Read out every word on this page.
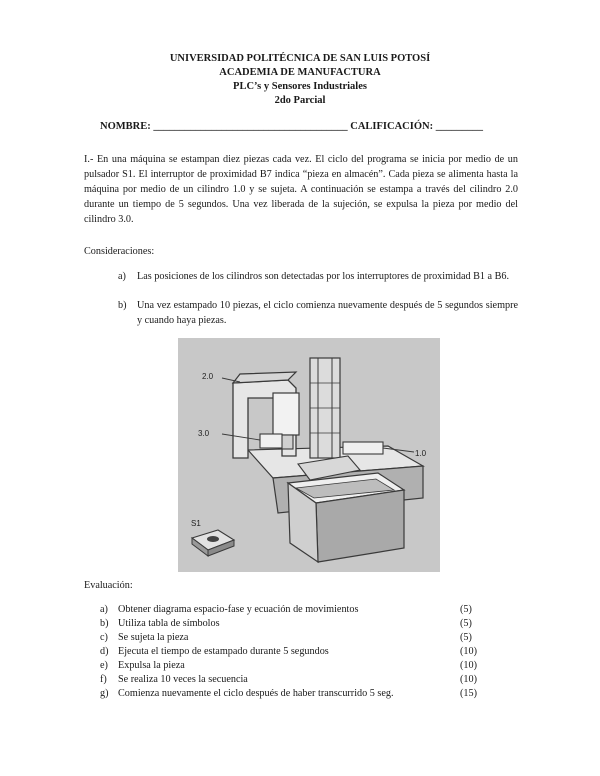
UNIVERSIDAD POLITÉCNICA DE SAN LUIS POTOSÍ
ACADEMIA DE MANUFACTURA
PLC’s y Sensores Industriales
2do Parcial
NOMBRE: _____________________________________ CALIFICACIÓN: _________
I.- En una máquina se estampan diez piezas cada vez. El ciclo del programa se inicia por medio de un pulsador S1. El interruptor de proximidad B7 indica “pieza en almacén”. Cada pieza se alimenta hasta la máquina por medio de un cilindro 1.0 y se sujeta. A continuación se estampa a través del cilindro 2.0 durante un tiempo de 5 segundos. Una vez liberada de la sujeción, se expulsa la pieza por medio del cilindro 3.0.
Consideraciones:
a) Las posiciones de los cilindros son detectadas por los interruptores de proximidad B1 a B6.
b) Una vez estampado 10 piezas, el ciclo comienza nuevamente después de 5 segundos siempre y cuando haya piezas.
2.0
3.0
1.0
S1
Evaluación:
a) Obtener diagrama espacio-fase y ecuación de movimientos	(5)
b) Utiliza tabla de símbolos	(5)
c) Se sujeta la pieza	(5)
d) Ejecuta el tiempo de estampado durante 5 segundos	(10)
e) Expulsa la pieza	(10)
f) Se realiza 10 veces la secuencia	(10)
g) Comienza nuevamente el ciclo después de haber transcurrido 5 seg.	(15)
